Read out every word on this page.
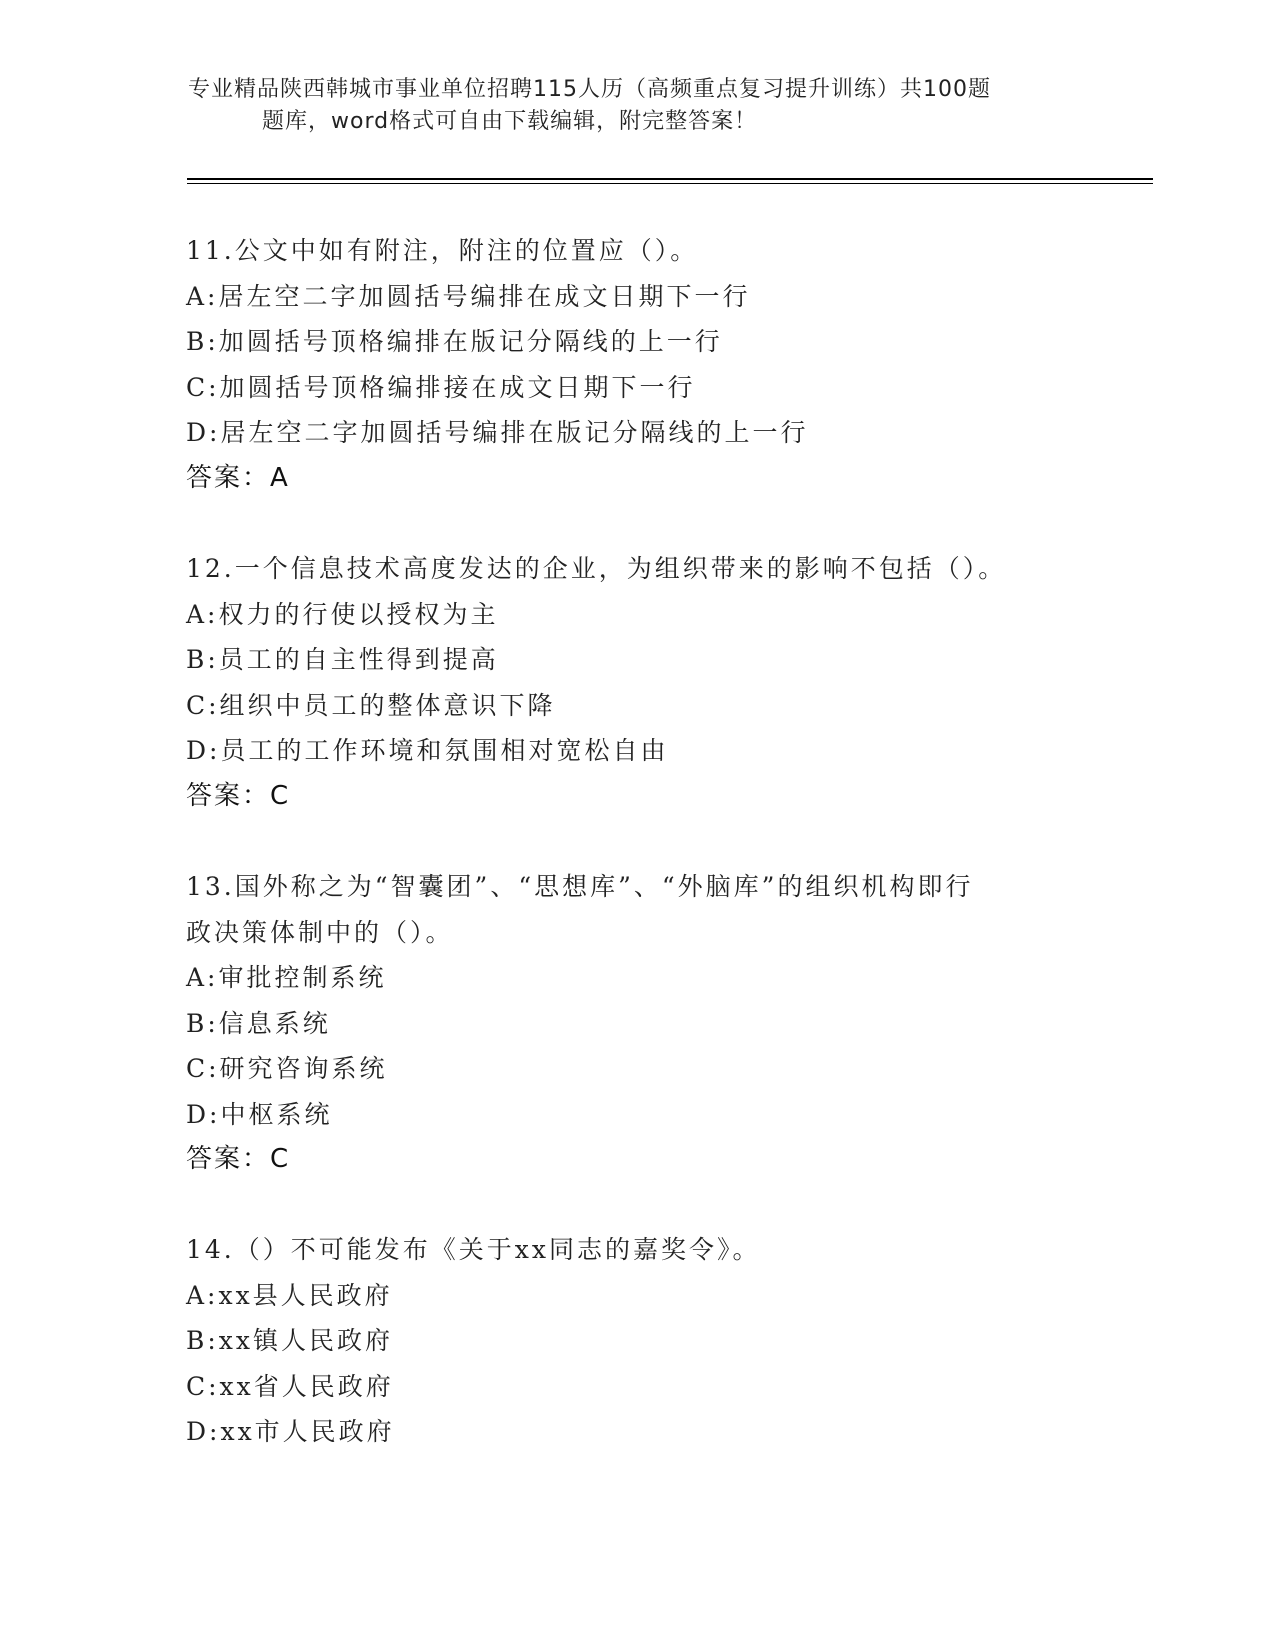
专业精品陕西韩城市事业单位招聘115人历（高频重点复习提升训练）共100题
题库，word格式可自由下载编辑，附完整答案！
11.公文中如有附注，附注的位置应（）。
A:居左空二字加圆括号编排在成文日期下一行
B:加圆括号顶格编排在版记分隔线的上一行
C:加圆括号顶格编排接在成文日期下一行
D:居左空二字加圆括号编排在版记分隔线的上一行
答案：A
12.一个信息技术高度发达的企业，为组织带来的影响不包括（）。
A:权力的行使以授权为主
B:员工的自主性得到提高
C:组织中员工的整体意识下降
D:员工的工作环境和氛围相对宽松自由
答案：C
13.国外称之为“智囊团”、“思想库”、“外脑库”的组织机构即行
政决策体制中的（）。
A:审批控制系统
B:信息系统
C:研究咨询系统
D:中枢系统
答案：C
14.（）不可能发布《关于xx同志的嘉奖令》。
A:xx县人民政府
B:xx镇人民政府
C:xx省人民政府
D:xx市人民政府
